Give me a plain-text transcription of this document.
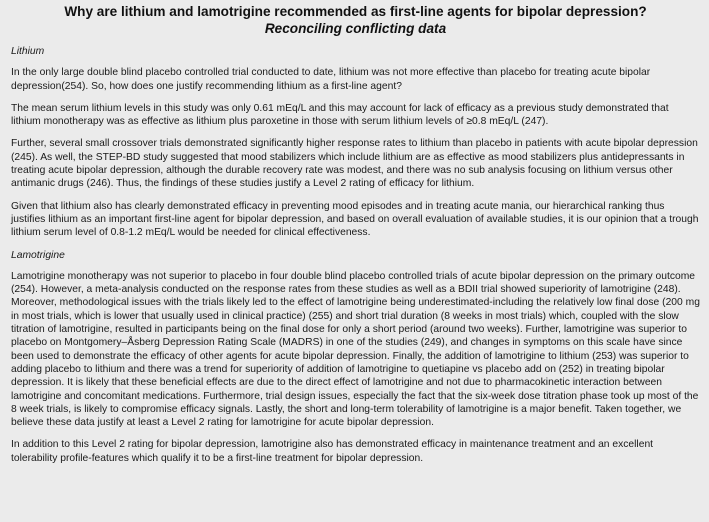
Why are lithium and lamotrigine recommended as first-line agents for bipolar depression?
Reconciling conflicting data
Lithium

In the only large double blind placebo controlled trial conducted to date, lithium was not more effective than placebo for treating acute bipolar depression(254). So, how does one justify recommending lithium as a first-line agent?

The mean serum lithium levels in this study was only 0.61 mEq/L and this may account for lack of efficacy as a previous study demonstrated that lithium monotherapy was as effective as lithium plus paroxetine in those with serum lithium levels of ≥0.8 mEq/L (247).

Further, several small crossover trials demonstrated significantly higher response rates to lithium than placebo in patients with acute bipolar depression (245). As well, the STEP-BD study suggested that mood stabilizers which include lithium are as effective as mood stabilizers plus antidepressants in treating acute bipolar depression, although the durable recovery rate was modest, and there was no sub analysis focusing on lithium versus other antimanic drugs (246). Thus, the findings of these studies justify a Level 2 rating of efficacy for lithium.

Given that lithium also has clearly demonstrated efficacy in preventing mood episodes and in treating acute mania, our hierarchical ranking thus justifies lithium as an important first-line agent for bipolar depression, and based on overall evaluation of available studies, it is our opinion that a trough lithium serum level of 0.8-1.2 mEq/L would be needed for clinical effectiveness.

Lamotrigine

Lamotrigine monotherapy was not superior to placebo in four double blind placebo controlled trials of acute bipolar depression on the primary outcome (254). However, a meta-analysis conducted on the response rates from these studies as well as a BDII trial showed superiority of lamotrigine (248). Moreover, methodological issues with the trials likely led to the effect of lamotrigine being underestimated-including the relatively low final dose (200 mg in most trials, which is lower that usually used in clinical practice) (255) and short trial duration (8 weeks in most trials) which, coupled with the slow titration of lamotrigine, resulted in participants being on the final dose for only a short period (around two weeks). Further, lamotrigine was superior to placebo on Montgomery–Åsberg Depression Rating Scale (MADRS) in one of the studies (249), and changes in symptoms on this scale have since been used to demonstrate the efficacy of other agents for acute bipolar depression. Finally, the addition of lamotrigine to lithium (253) was superior to adding placebo to lithium and there was a trend for superiority of addition of lamotrigine to quetiapine vs placebo add on (252) in treating bipolar depression. It is likely that these beneficial effects are due to the direct effect of lamotrigine and not due to pharmacokinetic interaction between lamotrigine and concomitant medications. Furthermore, trial design issues, especially the fact that the six-week dose titration phase took up most of the 8 week trials, is likely to compromise efficacy signals. Lastly, the short and long-term tolerability of lamotrigine is a major benefit. Taken together, we believe these data justify at least a Level 2 rating for lamotrigine for acute bipolar depression.

In addition to this Level 2 rating for bipolar depression, lamotrigine also has demonstrated efficacy in maintenance treatment and an excellent tolerability profile-features which qualify it to be a first-line treatment for bipolar depression.
